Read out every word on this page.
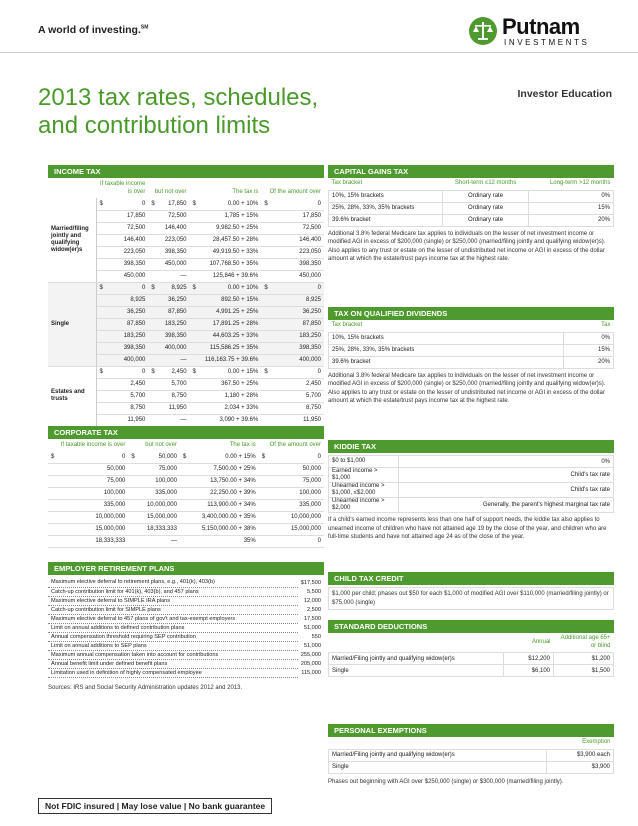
A world of investing.℠	Putnam
INVESTMENTS
2013 tax rates, schedules,
and contribution limits
Investor Education
INCOME TAX
	If taxable income is over		but not over		The tax is		Of the amount over	
Married/filing jointly and qualifying widow(er)s	$	0	$	17,850	$	0.00 + 10%	$	0
		17,850		72,500		1,785 + 15%		17,850
		72,500		146,400		9,982.50 + 25%		72,500
		146,400		223,050		28,457.50 + 28%		146,400
		223,050		398,350		49,919.50 + 33%		223,050
		398,350		450,000		107,768.50 + 35%		398,350
		450,000		—		125,846 + 39.6%		450,000
Single	$	0	$	8,925	$	0.00 + 10%	$	0
		8,925		36,250		892.50 + 15%		8,925
		36,250		87,850		4,991.25 + 25%		36,250
		87,850		183,250		17,891.25 + 28%		87,850
		183,250		398,350		44,603.25 + 33%		183,250
		398,350		400,000		115,586.25 + 35%		398,350
		400,000		—		116,163.75 + 39.6%		400,000
Estates and trusts	$	0	$	2,450	$	0.00 + 15%	$	0
		2,450		5,700		367.50 + 25%		2,450
		5,700		8,750		1,180 + 28%		5,700
		8,750		11,950		2,034 + 33%		8,750
		11,950		—		3,090 + 39.6%		11,950
CORPORATE TAX
If taxable income is over		but not over		The tax is		Of the amount over	
$	0	$	50,000	$	0.00 + 15%	$	0
	50,000		75,000		7,500.00 + 25%		50,000
	75,000		100,000		13,750.00 + 34%		75,000
	100,000		335,000		22,250.00 + 39%		100,000
	335,000		10,000,000		113,900.00 + 34%		335,000
	10,000,000		15,000,000		3,400,000.00 + 35%		10,000,000
	15,000,000		18,333,333		5,150,000.00 + 38%		15,000,000
	18,333,333		—		35%		0
EMPLOYER RETIREMENT PLANS
Maximum elective deferral to retirement plans, e.g., 401(k), 403(b)	$17,500
Catch-up contribution limit for 401(k), 403(b), and 457 plans	5,500
Maximum elective deferral to SIMPLE IRA plans	12,000
Catch-up contribution limit for SIMPLE plans	2,500
Maximum elective deferral to 457 plans of gov't and tax-exempt employers	17,500
Limit on annual additions to defined contribution plans	51,000
Annual compensation threshold requiring SEP contribution	550
Limit on annual additions to SEP plans	51,000
Maximum annual compensation taken into account for contributions	255,000
Annual benefit limit under defined benefit plans	205,000
Limitation used in definition of highly compensated employee	115,000
Sources: IRS and Social Security Administration updates 2012 and 2013.
CAPITAL GAINS TAX
Tax bracket	Short-term ≤12 months	Long-term >12 months
10%, 15% brackets	Ordinary rate	0%
25%, 28%, 33%, 35% brackets	Ordinary rate	15%
39.6% bracket	Ordinary rate	20%
Additional 3.8% federal Medicare tax applies to individuals on the lesser of net investment income or modified AGI in excess of $200,000 (single) or $250,000 (married/filing jointly and qualifying widow(er)s). Also applies to any trust or estate on the lesser of undistributed net income or AGI in excess of the dollar amount at which the estate/trust pays income tax at the highest rate.
TAX ON QUALIFIED DIVIDENDS
Tax bracket	Tax
10%, 15% brackets	0%
25%, 28%, 33%, 35% brackets	15%
39.6% bracket	20%
Additional 3.8% federal Medicare tax applies to individuals on the lesser of net investment income or modified AGI in excess of $200,000 (single) or $250,000 (married/filing jointly and qualifying widow(er)s). Also applies to any trust or estate on the lesser of undistributed net income or AGI in excess of the dollar amount at which the estate/trust pays income tax at the highest rate.
KIDDIE TAX
$0 to $1,000	0%
Earned income > $1,000	Child's tax rate
Unearned income > $1,000, ≤$2,000	Child's tax rate
Unearned income > $2,000	Generally, the parent's highest marginal tax rate
If a child's earned income represents less than one half of support needs, the kiddie tax also applies to unearned income of children who have not attained age 19 by the close of the year, and children who are full-time students and have not attained age 24 as of the close of the year.
CHILD TAX CREDIT
$1,000 per child; phases out $50 for each $1,000 of modified AGI over $110,000 (married/filing jointly) or $75,000 (single)
STANDARD DEDUCTIONS
	Annual	Additional age 65+ or blind
Married/Filing jointly and qualifying widow(er)s	$12,200	$1,200
Single	$6,100	$1,500
PERSONAL EXEMPTIONS
	Exemption
Married/Filing jointly and qualifying widow(er)s	$3,900 each
Single	$3,900
Phases out beginning with AGI over $250,000 (single) or $300,000 (married/filing jointly).
Not FDIC insured | May lose value | No bank guarantee
